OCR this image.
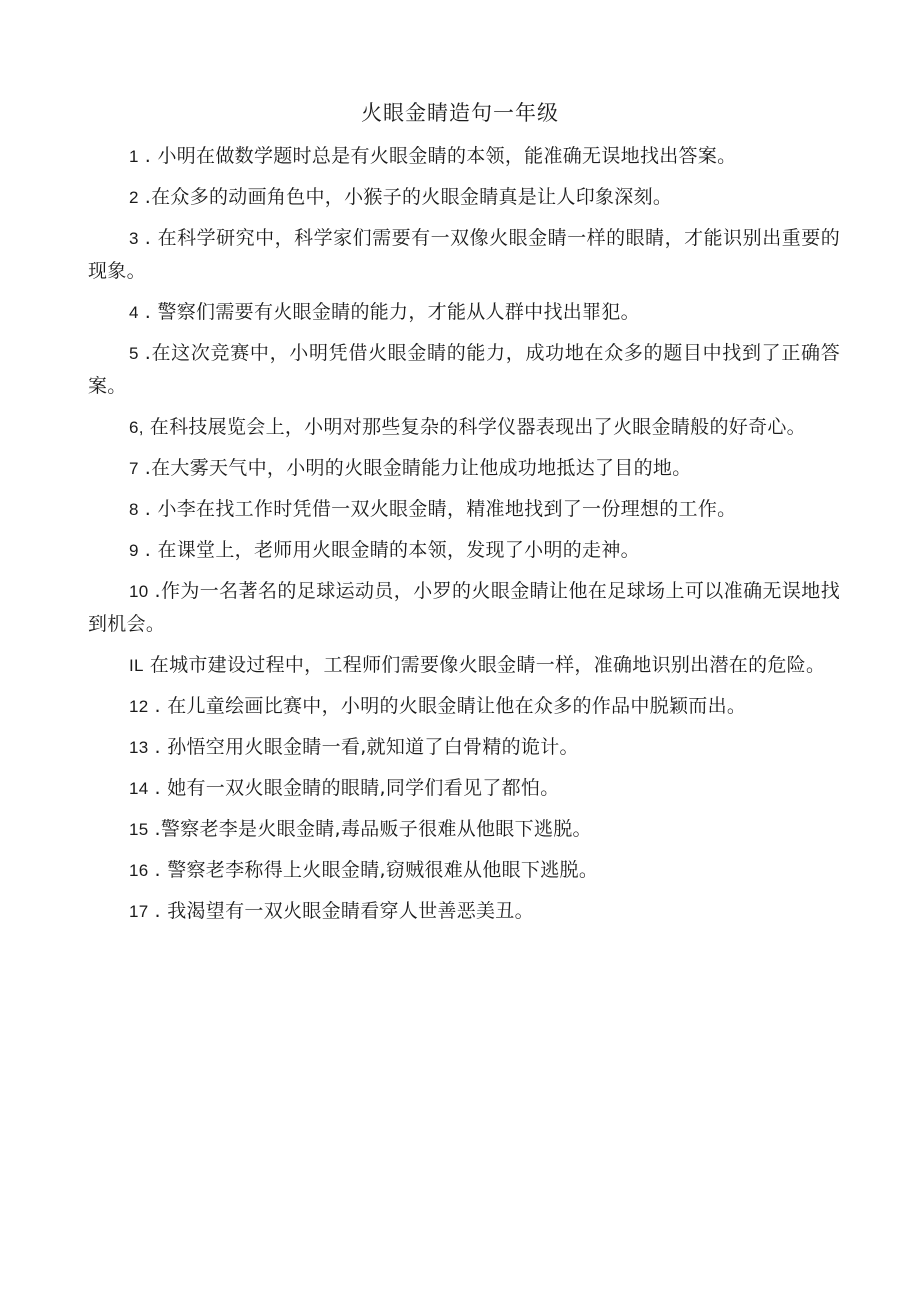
火眼金睛造句一年级

1 . 小明在做数学题时总是有火眼金睛的本领，能准确无误地找出答案。

2 .在众多的动画角色中，小猴子的火眼金睛真是让人印象深刻。

3 . 在科学研究中，科学家们需要有一双像火眼金睛一样的眼睛，才能识别出重要的现象。

4 . 警察们需要有火眼金睛的能力，才能从人群中找出罪犯。

5 .在这次竞赛中，小明凭借火眼金睛的能力，成功地在众多的题目中找到了正确答案。

6, 在科技展览会上，小明对那些复杂的科学仪器表现出了火眼金睛般的好奇心。

7 .在大雾天气中，小明的火眼金睛能力让他成功地抵达了目的地。

8 . 小李在找工作时凭借一双火眼金睛，精准地找到了一份理想的工作。

9 . 在课堂上，老师用火眼金睛的本领，发现了小明的走神。

10 .作为一名著名的足球运动员，小罗的火眼金睛让他在足球场上可以准确无误地找到机会。

IL 在城市建设过程中，工程师们需要像火眼金睛一样，准确地识别出潜在的危险。

12 . 在儿童绘画比赛中，小明的火眼金睛让他在众多的作品中脱颖而出。

13 . 孙悟空用火眼金睛一看,就知道了白骨精的诡计。

14 . 她有一双火眼金睛的眼睛,同学们看见了都怕。

15 .警察老李是火眼金睛,毒品贩子很难从他眼下逃脱。

16 . 警察老李称得上火眼金睛,窃贼很难从他眼下逃脱。

17 . 我渴望有一双火眼金睛看穿人世善恶美丑。
